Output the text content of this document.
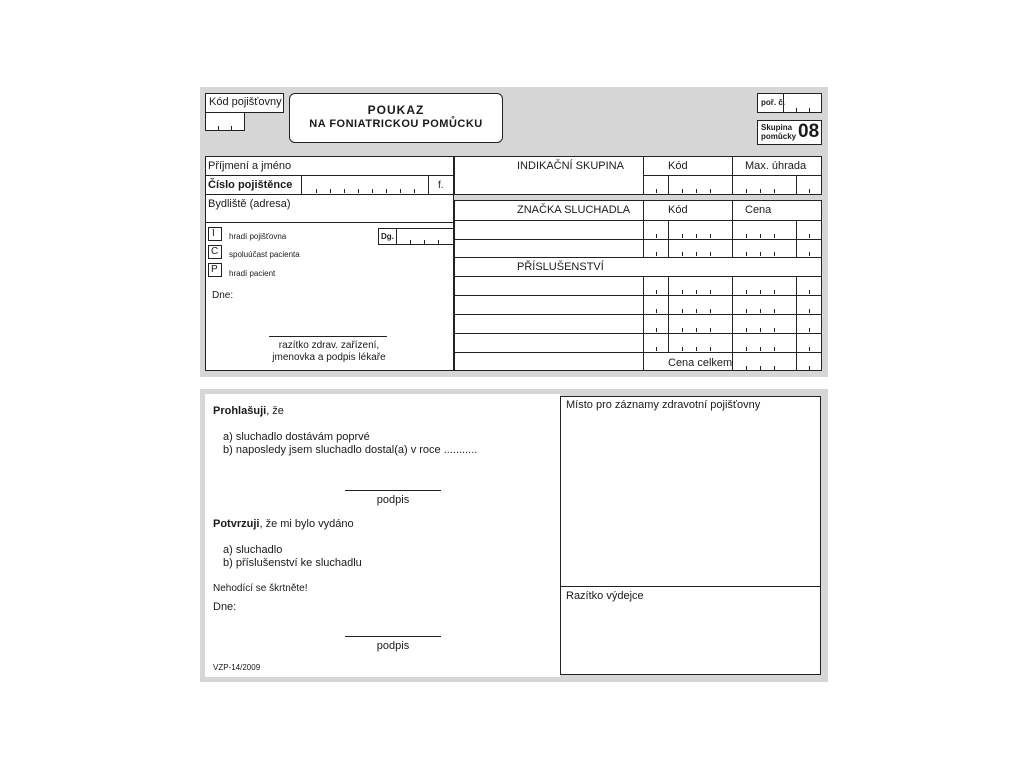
Kód pojišťovny
POUKAZ
NA FONIATRICKOU POMŮCKU
poř. č.
Skupina
pomůcky 08
Příjmení a jméno
Číslo pojištěnce	f.
Bydliště (adresa)
I hradí pojišťovna
C spoluúčast pacienta
P hradí pacient
Dg.
Dne:
razítko zdrav. zařízení,
jmenovka a podpis lékaře
INDIKAČNÍ SKUPINA	Kód	Max. úhrada
ZNAČKA SLUCHADLA	Kód	Cena
PŘÍSLUŠENSTVÍ
Cena celkem
Místo pro záznamy zdravotní pojišťovny
Razítko výdejce
Prohlašuji, že
a) sluchadlo dostávám poprvé
b) naposledy jsem sluchadlo dostal(a) v roce ...........
podpis
Potvrzuji, že mi bylo vydáno
a) sluchadlo
b) příslušenství ke sluchadlu
Nehodící se škrtněte!
Dne:
podpis
VZP-14/2009
